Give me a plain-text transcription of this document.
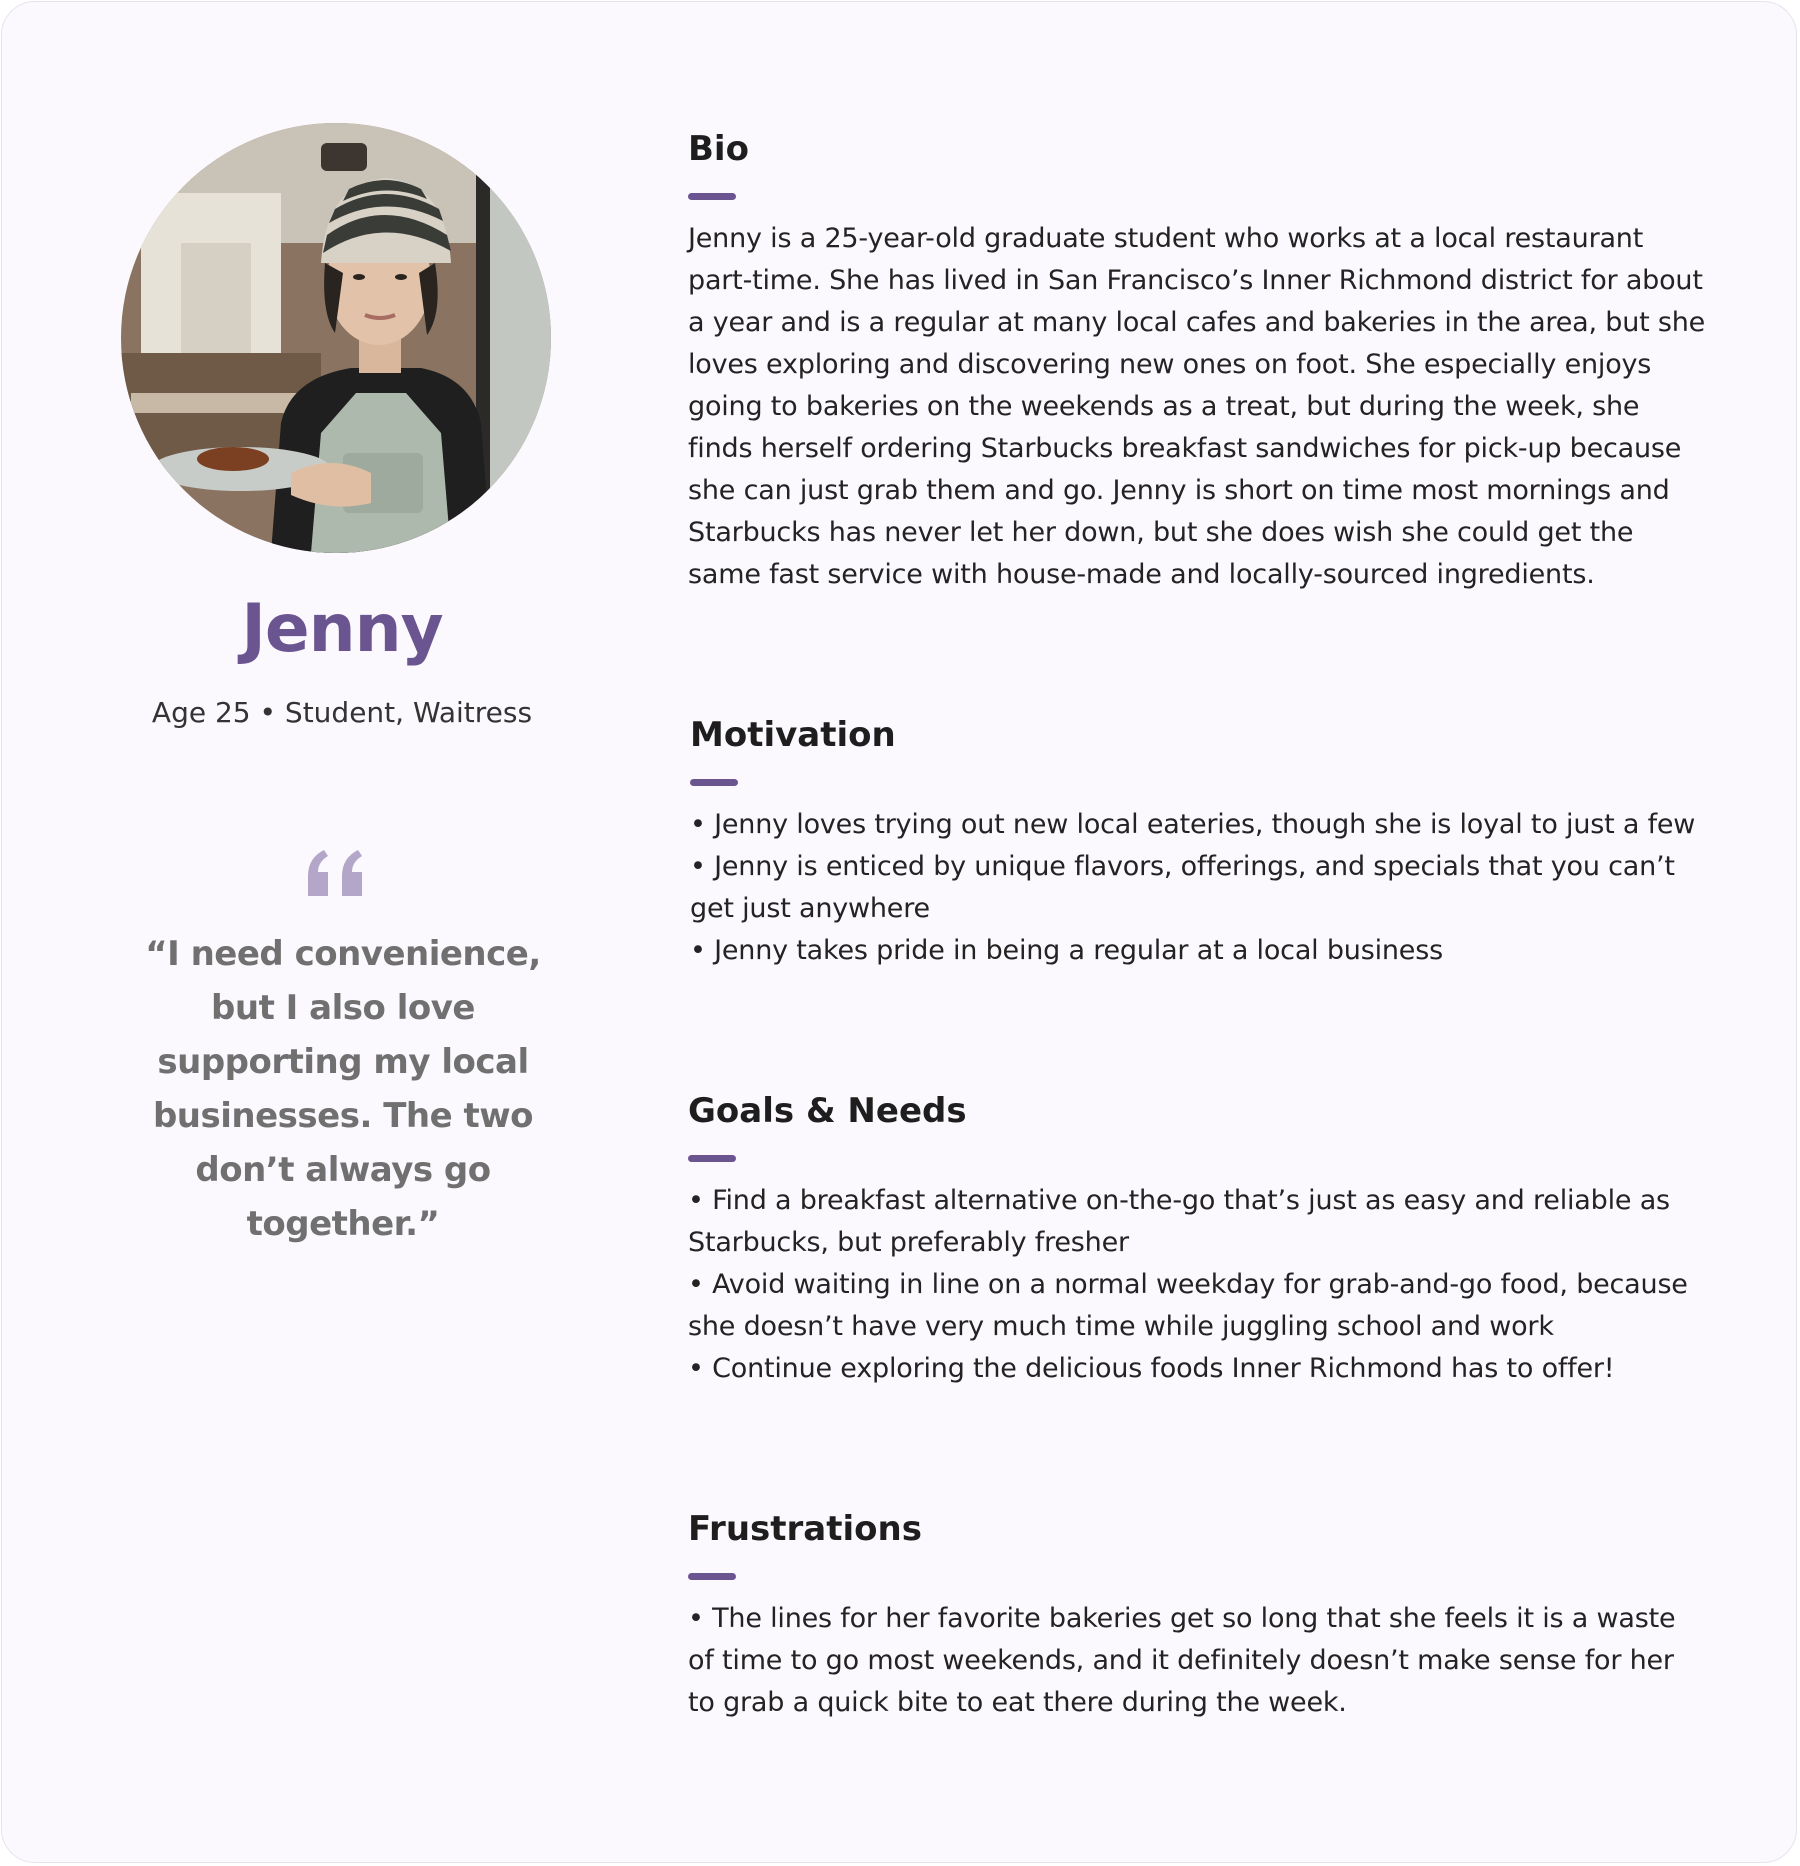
Jenny
Age 25 • Student, Waitress
“I need convenience, but I also love supporting my local businesses. The two don’t always go together.”
Bio

Jenny is a 25-year-old graduate student who works at a local restaurant part-time. She has lived in San Francisco’s Inner Richmond district for about a year and is a regular at many local cafes and bakeries in the area, but she loves exploring and discovering new ones on foot. She especially enjoys going to bakeries on the weekends as a treat, but during the week, she finds herself ordering Starbucks breakfast sandwiches for pick-up because she can just grab them and go. Jenny is short on time most mornings and Starbucks has never let her down, but she does wish she could get the same fast service with house-made and locally-sourced ingredients.

Motivation
• Jenny loves trying out new local eateries, though she is loyal to just a few
• Jenny is enticed by unique flavors, offerings, and specials that you can’t get just anywhere
• Jenny takes pride in being a regular at a local business
Goals & Needs
• Find a breakfast alternative on-the-go that’s just as easy and reliable as Starbucks, but preferably fresher
• Avoid waiting in line on a normal weekday for grab-and-go food, because she doesn’t have very much time while juggling school and work
• Continue exploring the delicious foods Inner Richmond has to offer!
Frustrations
• The lines for her favorite bakeries get so long that she feels it is a waste of time to go most weekends, and it definitely doesn’t make sense for her to grab a quick bite to eat there during the week.
